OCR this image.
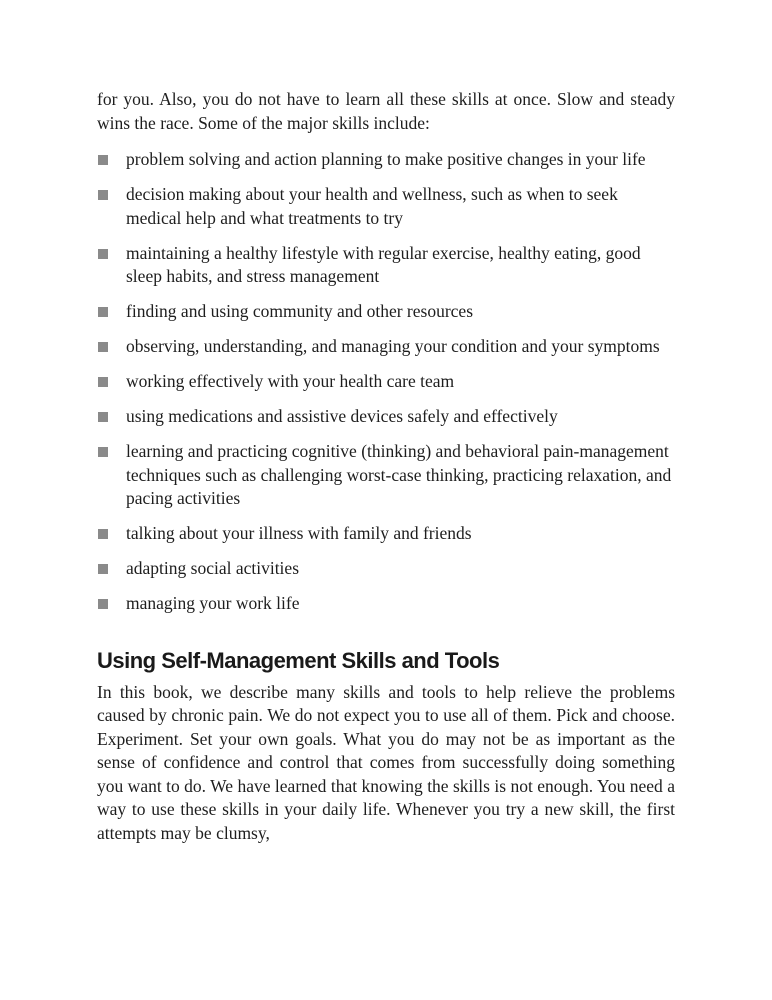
for you. Also, you do not have to learn all these skills at once. Slow and steady wins the race. Some of the major skills include:

problem solving and action planning to make positive changes in your life
decision making about your health and wellness, such as when to seek medical help and what treatments to try
maintaining a healthy lifestyle with regular exercise, healthy eating, good sleep habits, and stress management
finding and using community and other resources
observing, understanding, and managing your condition and your symptoms
working effectively with your health care team
using medications and assistive devices safely and effectively
learning and practicing cognitive (thinking) and behavioral pain-management techniques such as challenging worst-case thinking, practicing relaxation, and pacing activities
talking about your illness with family and friends
adapting social activities
managing your work life
Using Self-Management Skills and Tools

In this book, we describe many skills and tools to help relieve the problems caused by chronic pain. We do not expect you to use all of them. Pick and choose. Experiment. Set your own goals. What you do may not be as important as the sense of confidence and control that comes from successfully doing something you want to do. We have learned that knowing the skills is not enough. You need a way to use these skills in your daily life. Whenever you try a new skill, the first attempts may be clumsy,
